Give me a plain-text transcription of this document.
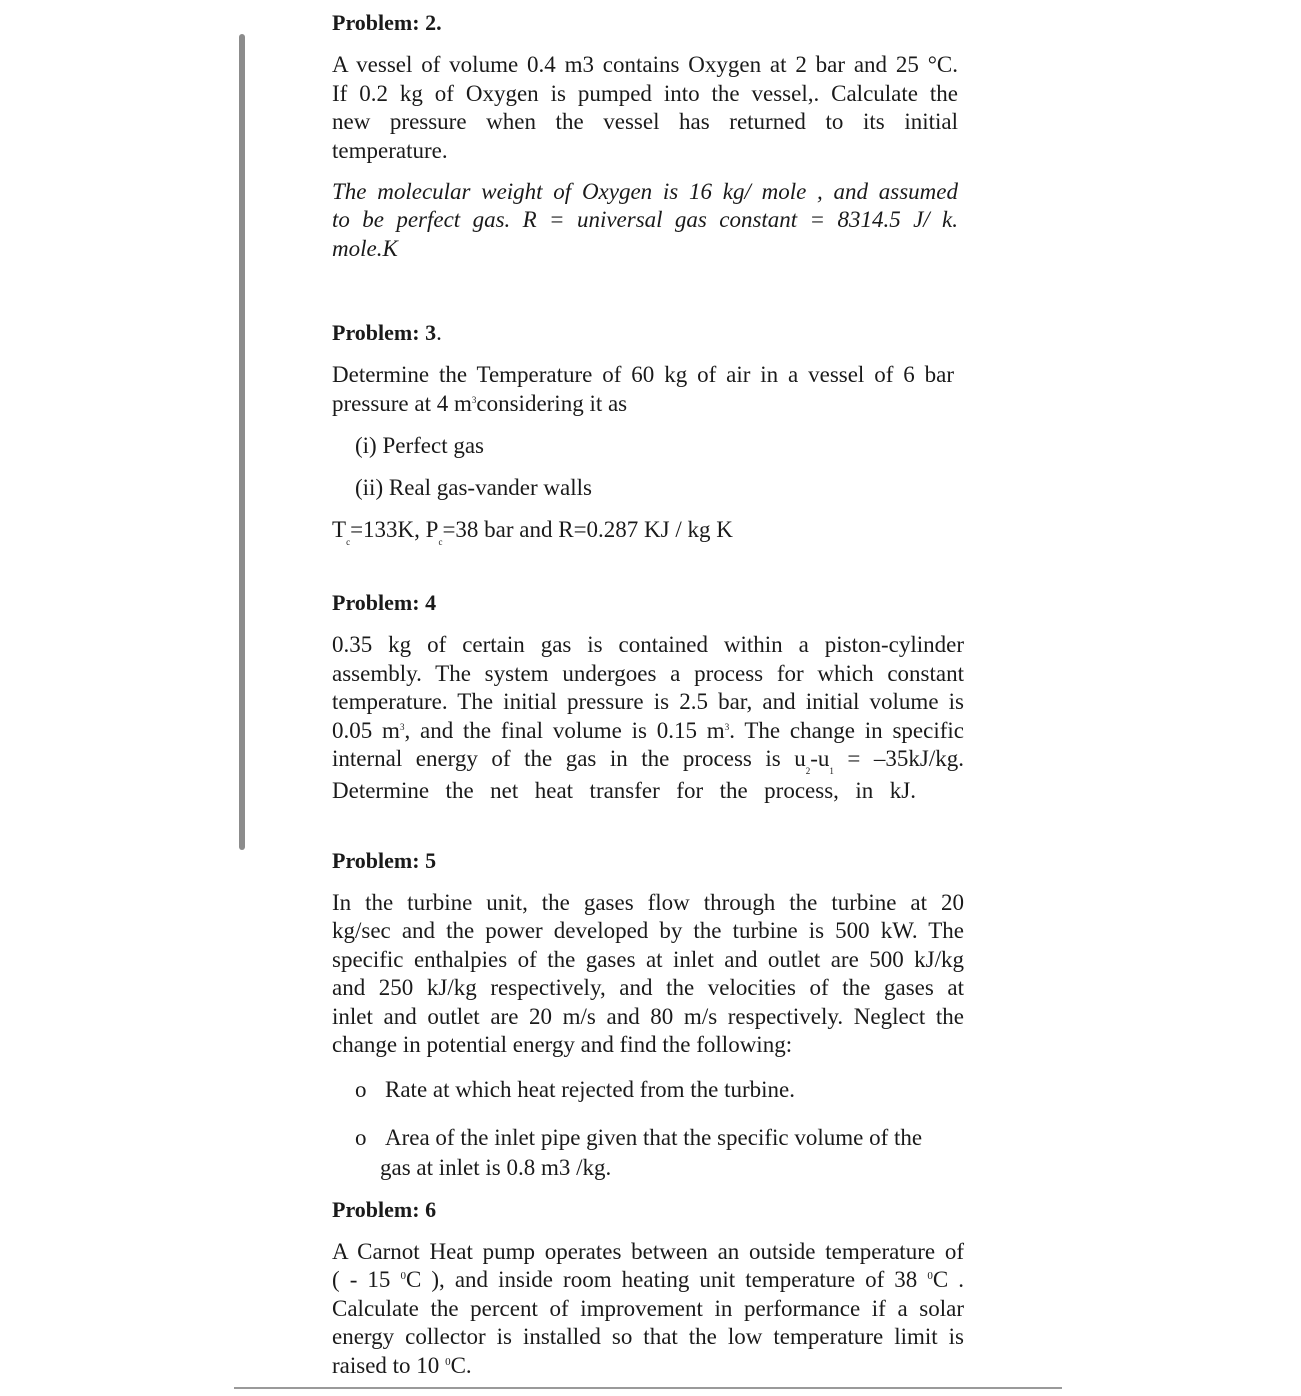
Problem: 2.

A vessel of volume 0.4 m3 contains Oxygen at 2 bar and 25 °C.

If 0.2 kg of Oxygen is pumped into the vessel,. Calculate the

new pressure when the vessel has returned to its initial

temperature.

The molecular weight of Oxygen is 16 kg/ mole , and assumed

to be perfect gas. R = universal gas constant = 8314.5 J/ k.

mole.K

Problem: 3.

Determine the Temperature of 60 kg of air in a vessel of 6 bar

pressure at 4 $m^3considering$ it as

(i) Perfect gas

(ii) Real gas-vander walls

$T_c=133K$, $P_c=38$ bar and R=0.287 KJ / kg K

Problem: 4

0.35 kg of certain gas is contained within a piston-cylinder

assembly. The system undergoes a process for which constant

temperature. The initial pressure is 2.5 bar, and initial volume is

0.05 $m^3$, and the final volume is 0.15 $m^3$. The change in specific

internal energy of the gas in the process is $u_2-u_1 = -35kJ/kg$.

Determine the net heat transfer for the process, in kJ.

Problem: 5

In the turbine unit, the gases flow through the turbine at 20

kg/sec and the power developed by the turbine is 500 kW. The

specific enthalpies of the gases at inlet and outlet are 500 kJ/kg

and 250 kJ/kg respectively, and the velocities of the gases at

inlet and outlet are 20 m/s and 80 m/s respectively. Neglect the

change in potential energy and find the following:

o Rate at which heat rejected from the turbine.

o Area of the inlet pipe given that the specific volume of the

gas at inlet is 0.8 m3 /kg.

Problem: 6

A Carnot Heat pump operates between an outside temperature of

( - 15 $^0$C ), and inside room heating unit temperature of 38 $^0$C .

Calculate the percent of improvement in performance if a solar

energy collector is installed so that the low temperature limit is

raised to 10 $^0$C.
